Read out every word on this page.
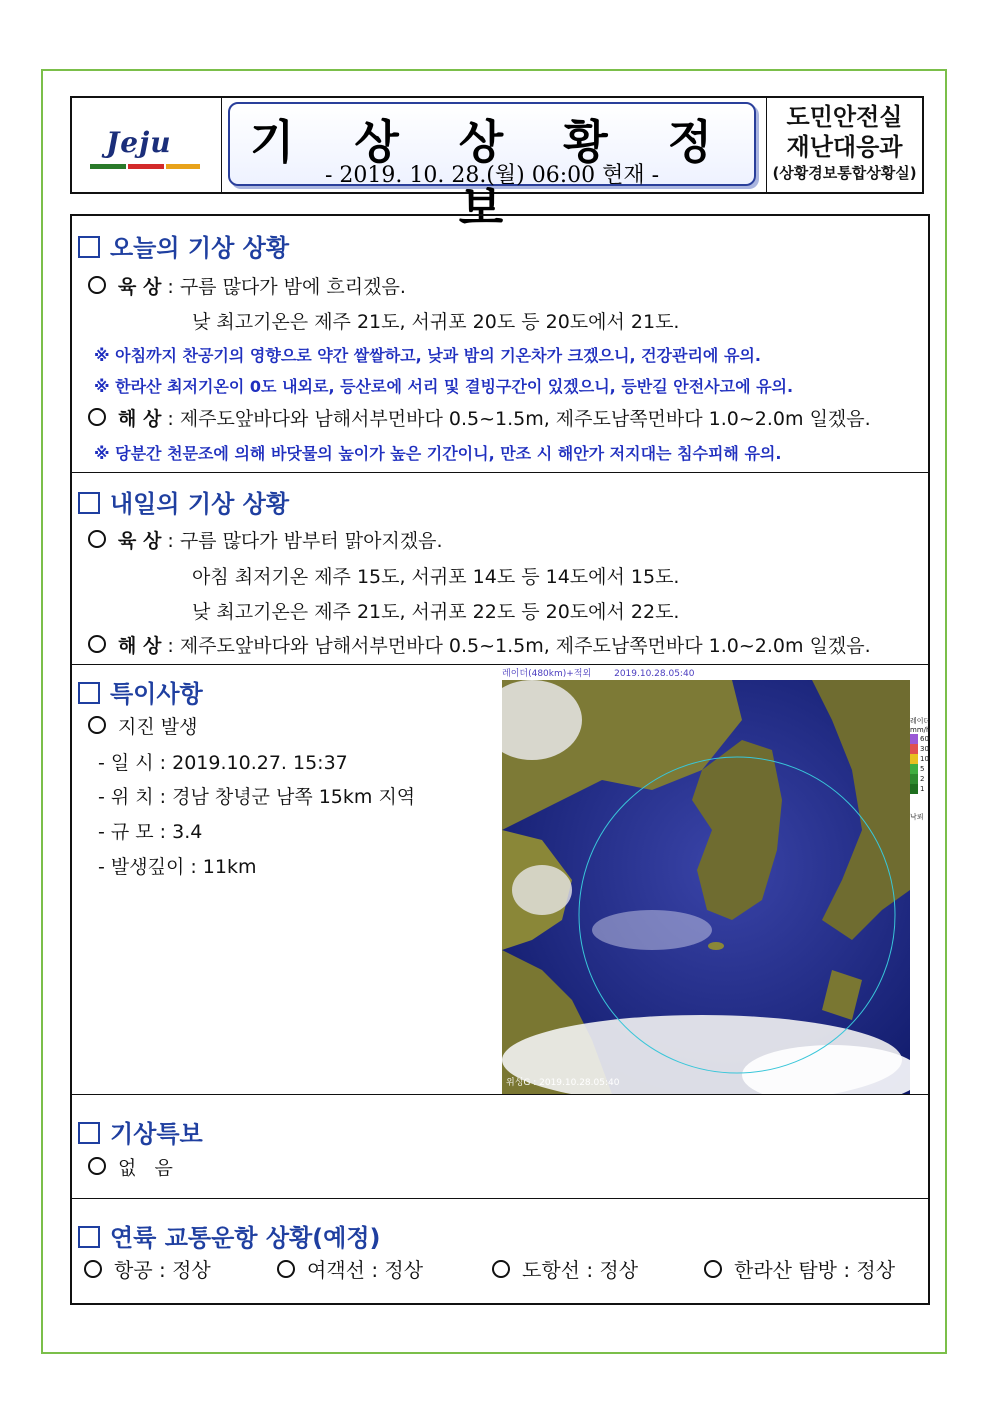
Jeju	기 상 상 황 정 보
- 2019. 10. 28.(월) 06:00 현재 -
도민안전실
재난대응과
(상황경보통합상황실)
오늘의 기상 상황
육 상 : 구름 많다가 밤에 흐리겠음.
낮 최고기온은 제주 21도, 서귀포 20도 등 20도에서 21도.
※ 아침까지 찬공기의 영향으로 약간 쌀쌀하고, 낮과 밤의 기온차가 크겠으니, 건강관리에 유의.
※ 한라산 최저기온이 0도 내외로, 등산로에 서리 및 결빙구간이 있겠으니, 등반길 안전사고에 유의.
해 상 : 제주도앞바다와 남해서부먼바다 0.5~1.5m, 제주도남쪽먼바다 1.0~2.0m 일겠음.
※ 당분간 천문조에 의해 바닷물의 높이가 높은 기간이니, 만조 시 해안가 저지대는 침수피해 유의.
내일의 기상 상황
육 상 : 구름 많다가 밤부터 맑아지겠음.
아침 최저기온 제주 15도, 서귀포 14도 등 14도에서 15도.
낮 최고기온은 제주 21도, 서귀포 22도 등 20도에서 22도.
해 상 : 제주도앞바다와 남해서부먼바다 0.5~1.5m, 제주도남쪽먼바다 1.0~2.0m 일겠음.
특이사항
지진 발생
- 일 시 : 2019.10.27. 15:37
- 위 치 : 경남 창녕군 남쪽 15km 지역
- 규 모 : 3.4
- 발생깊이 : 11km
레이더(480km)+적외	2019.10.28.05:40
위성G : 2019.10.28.05:40
레이더
mm/h
60
30
10
5
2
1
낙뢰
기상특보
없   음
연륙 교통운항 상황(예정)
항공 : 정상	여객선 : 정상	도항선 : 정상	한라산 탐방 : 정상
